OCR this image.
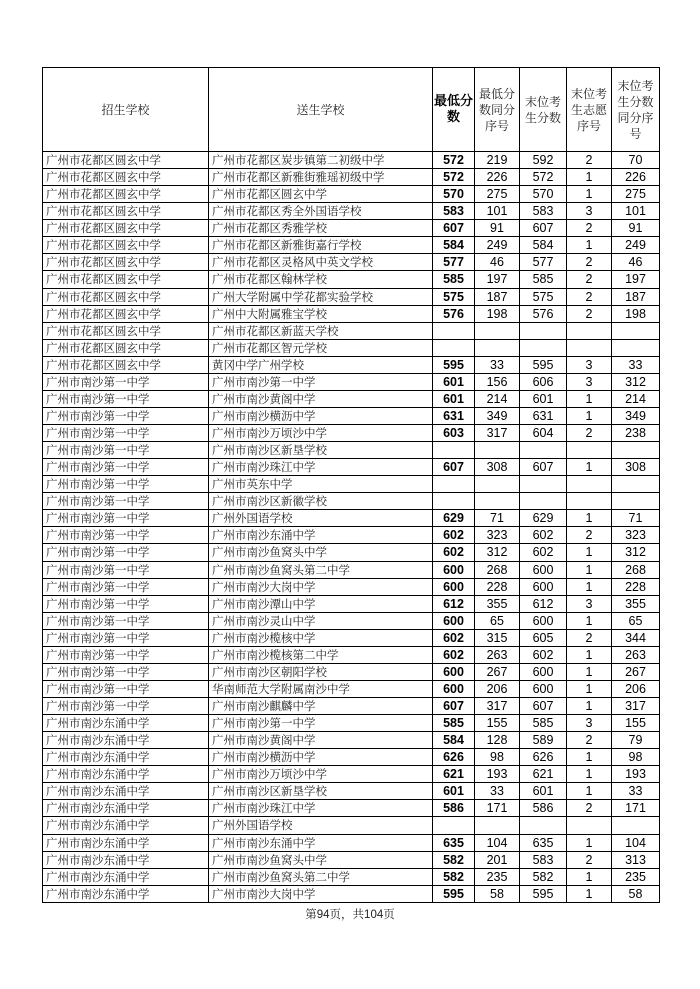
招生学校	送生学校	最低分数	最低分数同分序号	末位考生分数	末位考生志愿序号	末位考生分数同分序号
广州市花都区圆玄中学	广州市花都区炭步镇第二初级中学	572	219	592	2	70
广州市花都区圆玄中学	广州市花都区新雅街雅瑶初级中学	572	226	572	1	226
广州市花都区圆玄中学	广州市花都区圆玄中学	570	275	570	1	275
广州市花都区圆玄中学	广州市花都区秀全外国语学校	583	101	583	3	101
广州市花都区圆玄中学	广州市花都区秀雅学校	607	91	607	2	91
广州市花都区圆玄中学	广州市花都区新雅街嘉行学校	584	249	584	1	249
广州市花都区圆玄中学	广州市花都区灵格风中英文学校	577	46	577	2	46
广州市花都区圆玄中学	广州市花都区翰林学校	585	197	585	2	197
广州市花都区圆玄中学	广州大学附属中学花都实验学校	575	187	575	2	187
广州市花都区圆玄中学	广州中大附属雅宝学校	576	198	576	2	198
广州市花都区圆玄中学	广州市花都区新蓝天学校					
广州市花都区圆玄中学	广州市花都区智元学校					
广州市花都区圆玄中学	黄冈中学广州学校	595	33	595	3	33
广州市南沙第一中学	广州市南沙第一中学	601	156	606	3	312
广州市南沙第一中学	广州市南沙黄阁中学	601	214	601	1	214
广州市南沙第一中学	广州市南沙横沥中学	631	349	631	1	349
广州市南沙第一中学	广州市南沙万顷沙中学	603	317	604	2	238
广州市南沙第一中学	广州市南沙区新垦学校					
广州市南沙第一中学	广州市南沙珠江中学	607	308	607	1	308
广州市南沙第一中学	广州市英东中学					
广州市南沙第一中学	广州市南沙区新徽学校					
广州市南沙第一中学	广州外国语学校	629	71	629	1	71
广州市南沙第一中学	广州市南沙东涌中学	602	323	602	2	323
广州市南沙第一中学	广州市南沙鱼窝头中学	602	312	602	1	312
广州市南沙第一中学	广州市南沙鱼窝头第二中学	600	268	600	1	268
广州市南沙第一中学	广州市南沙大岗中学	600	228	600	1	228
广州市南沙第一中学	广州市南沙潭山中学	612	355	612	3	355
广州市南沙第一中学	广州市南沙灵山中学	600	65	600	1	65
广州市南沙第一中学	广州市南沙榄核中学	602	315	605	2	344
广州市南沙第一中学	广州市南沙榄核第二中学	602	263	602	1	263
广州市南沙第一中学	广州市南沙区朝阳学校	600	267	600	1	267
广州市南沙第一中学	华南师范大学附属南沙中学	600	206	600	1	206
广州市南沙第一中学	广州市南沙麒麟中学	607	317	607	1	317
广州市南沙东涌中学	广州市南沙第一中学	585	155	585	3	155
广州市南沙东涌中学	广州市南沙黄阁中学	584	128	589	2	79
广州市南沙东涌中学	广州市南沙横沥中学	626	98	626	1	98
广州市南沙东涌中学	广州市南沙万顷沙中学	621	193	621	1	193
广州市南沙东涌中学	广州市南沙区新垦学校	601	33	601	1	33
广州市南沙东涌中学	广州市南沙珠江中学	586	171	586	2	171
广州市南沙东涌中学	广州外国语学校					
广州市南沙东涌中学	广州市南沙东涌中学	635	104	635	1	104
广州市南沙东涌中学	广州市南沙鱼窝头中学	582	201	583	2	313
广州市南沙东涌中学	广州市南沙鱼窝头第二中学	582	235	582	1	235
广州市南沙东涌中学	广州市南沙大岗中学	595	58	595	1	58
第94页，共104页
